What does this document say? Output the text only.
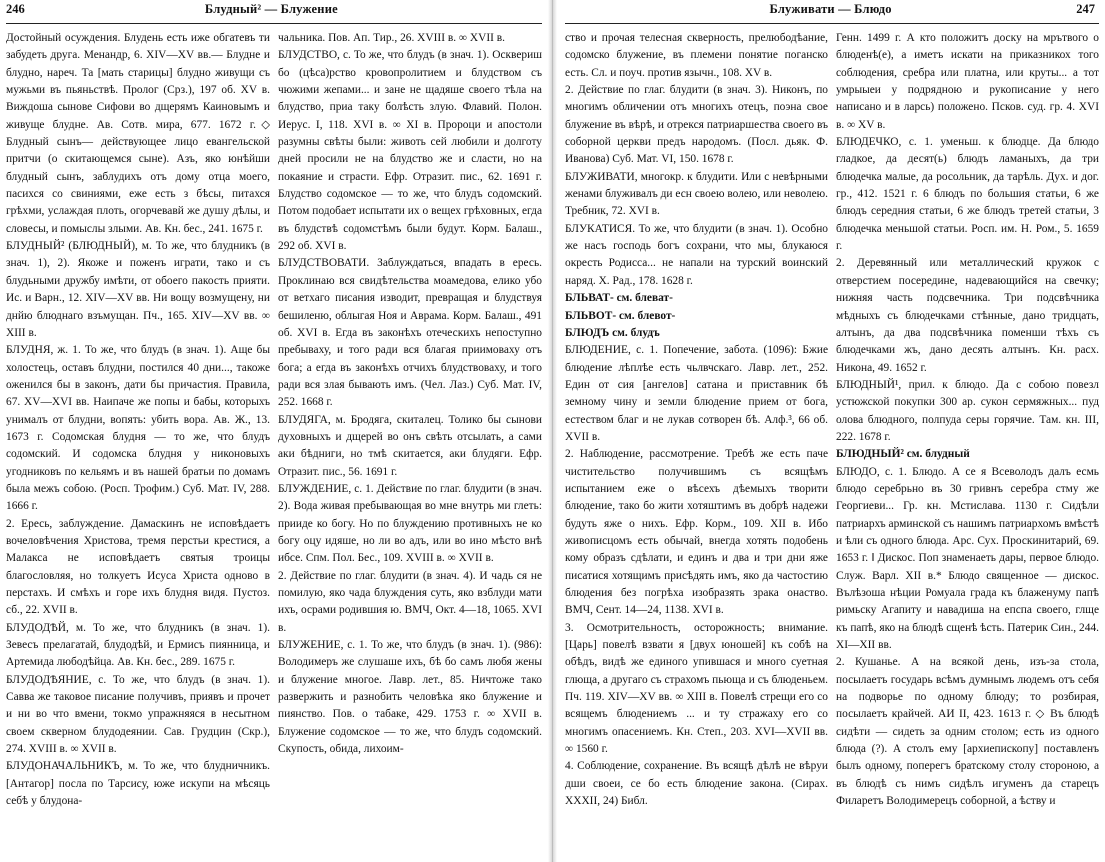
246	Блудный² — Блужение

Достойный осуждения. Блудень есть иже обгатевъ ти забудеть друга. Менандр, 6. XIV—XV вв.— Блудне и блудно, нареч. Та [мать старицы] блудно живущи съ мужьми въ пьяньствѣ. Пролог (Срз.), 197 об. XV в. Виждоша сынове Сифови во дщерямъ Каиновымъ и живуще блудне. Ав. Сотв. мира, 677. 1672 г.◇ Блудный сынъ— действующее лицо евангельской притчи (о скитающемся сыне). Азъ, яко юнѣйши блудный сынъ, заблудихъ отъ дому отца моего, пасихся со свиниями, еже есть з бѣсы, питахся грѣхми, услаждая плоть, огорчевавй же душу дѣлы, и словесы, и помыслы злыми. Ав. Кн. бес., 241. 1675 г.

БЛУДНЫЙ² (БЛЮДНЫЙ), м. То же, что блудникъ (в знач. 1), 2). Якоже и поженъ играти, тако и съ блудьными дружбу имѣти, от обоего пакость прияти. Ис. и Варн., 12. XIV—XV вв. Ни вощу возмущену, ни днйю блюднаго взъмущан. Пч., 165. XIV—XV вв. ∞ XIII в.

БЛУДНЯ, ж. 1. То же, что блудъ (в знач. 1). Аще бы холостець, оставъ блудни, постился 40 дни..., такоже оженился бы в законъ, дати бы причастия. Правила, 67. XV—XVI вв. Наипаче же попы и бабы, которыхъ унималъ от блудни, вопять: убить вора. Ав. Ж., 13. 1673 г. Содомская блудня — то же, что блудъ содомский. И содомска блудня у никоновыхъ угодниковъ по кельямъ и въ нашей братьи по домамъ была межъ собою. (Росп. Трофим.) Суб. Мат. IV, 288. 1666 г.

2. Ересь, заблуждение. Дамаскинъ не исповѣдаетъ вочеловѣчения Христова, тремя перстьи крестися, а Малакса не исповѣдаетъ святыя троицы благословляя, но толкуетъ Исуса Христа одново в перстахъ. И смѣхъ и горе ихъ блудня видя. Пустоз. сб., 22. XVII в.

БЛУДОДѢЙ, м. То же, что блудникъ (в знач. 1). Зевесъ прелагатай, блудодѣй, и Ермисъ пиянница, и Артемида любодѣйца. Ав. Кн. бес., 289. 1675 г.

БЛУДОДѢЯНИЕ, с. То же, что блудъ (в знач. 1). Савва же таковое писание получивъ, приявъ и прочет и ни во что вмени, токмо упражняяся в несытном своем скверном блудодеянии. Сав. Грудцин (Скр.), 274. XVIII в. ∞ XVII в.

БЛУДОНАЧАЛЬНИКЪ, м. То же, что блудничникъ. [Антагор] посла по Тарсису, юже искупи на мѣсяць себѣ у блудона-

чальника. Пов. Ап. Тир., 26. XVIII в. ∞ XVII в.

БЛУДСТВО, с. То же, что блудъ (в знач. 1). Осквериш бо (цѣса)рство кровопролитием и блудством съ чюжими жепами... и зане не щадяше своего тѣла на блудство, приа таку болѣсть злую. Флавий. Полон. Иерус. I, 118. XVI в. ∞ XI в. Пророци и апостоли разумны свѣты были: животь сей любили и долготу дней просили не на блудство же и сласти, но на покаяние и страсти. Ефр. Отразит. пис., 62. 1691 г. Блудство содомское — то же, что блудъ содомский. Потом подобает испытати их о вещех грѣховных, егда въ блудствѣ содомстѣмъ были будут. Корм. Балаш., 292 об. XVI в.

БЛУДСТВОВАТИ. Заблуждаться, впадать в ересь. Проклинаю вся свидѣтельства моамедова, елико убо от ветхаго писания изводит, превращая и блудствуя бешиленю, облыгая Ноя и Аврама. Корм. Балаш., 491 об. XVI в. Егда въ законѣхъ отеческихъ непоступно пребываху, и того ради вся благая приимоваху отъ бога; а егда въ законѣхъ отчихъ блудствоваху, и того ради вся злая бывають имъ. (Чел. Лаз.) Суб. Мат. IV, 252. 1668 г.

БЛУДЯГА, м. Бродяга, скиталец. Толико бы сынови духовныхъ и дщерей во онъ свѣть отсылать, а сами аки бѣдниги, но тмѣ скитается, аки блудяги. Ефр. Отразит. пис., 56. 1691 г.

БЛУЖДЕНИЕ, с. 1. Действие по глаг. блудити (в знач. 2). Вода живая пребывающая во мне внутрь ми глеть: прииде ко богу. Но по блуждению противныхъ не ко богу оцу идяше, но ли во адъ, или во ино мѣсто внѣ ибсе. Спм. Пол. Бес., 109. XVIII в. ∞ XVII в.

2. Действие по глаг. блудити (в знач. 4). И чадь ся не помилую, яко чада блуждения суть, яко взблуди мати ихъ, осрами родившия ю. ВМЧ, Окт. 4—18, 1065. XVI в.

БЛУЖЕНИЕ, с. 1. То же, что блудъ (в знач. 1). (986): Володимеръ же слушаше ихъ, бѣ бо самъ любя жены и блужение многое. Лавр. лет., 85. Ничтоже тако развержить и разнобить человѣка яко блужение и пиянство. Пов. о табаке, 429. 1753 г. ∞ XVII в. Блужение содомское — то же, что блудъ содомский. Скупость, обида, лихоим-

Блуживати — Блюдо	247

ство и прочая телесная скверность, прелюбодѣание, содомско блужение, въ племени понятие поганско есть. Сл. и поуч. против язычн., 108. XV в.

2. Действие по глаг. блудити (в знач. 3). Никонъ, по многимъ обличении отъ многихъ отецъ, поэна свое блужение въ вѣрѣ, и отрекся патриаршества своего въ соборной церкви предъ народомъ. (Посл. дьяк. Ф. Иванова) Суб. Мат. VI, 150. 1678 г.

БЛУЖИВАТИ, многокр. к блудити. Или с невѣрными женами блуживалъ ди есн своею волею, или неволею. Требник, 72. XVI в.

БЛУКАТИСЯ. То же, что блудити (в знач. 1). Особно же насъ господь богъ сохрани, что мы, блукаюся окресть Родисса... не напали на турский воинский наряд. Х. Рад., 178. 1628 г.

БЛЬВАТ- см. блеват-

БЛЬВОТ- см. блевот-

БЛЮДЪ см. блудъ

БЛЮДЕНИЕ, с. 1. Попечение, забота. (1096): Бжие блюдение лѣплѣе есть чьлвчскаго. Лавр. лет., 252. Един от сия [ангелов] сатана и приставник бѣ земному чину и земли блюдение прием от бога, естеством благ и не лукав сотворен бѣ. Алф.³, 66 об. XVII в.

2. Наблюдение, рассмотрение. Требѣ же есть паче чистительство получившимъ съ всящѣмъ испытанием еже о вѣсехъ дѣемыхъ творити блюдение, тако бо жити хотяштимъ въ добрѣ надежи будуть яже о нихъ. Ефр. Корм., 109. XII в. Ибо живописцомъ есть обычай, внегда хотять подобень кому образъ сдѣлати, и единъ и два и три дни яже писатися хотящимъ присѣдять имъ, яко да частостию блюдения без погрѣха изобразять зрака онаство. ВМЧ, Сент. 14—24, 1138. XVI в.

3. Осмотрительность, осторожность; внимание. [Царь] повелѣ взвати я [двух юношей] къ собѣ на обѣдъ, видѣ же единого упившася и много суетная глюща, а другаго съ страхомъ пьюща и съ блюденьем. Пч. 119. XIV—XV вв. ∞ XIII в. Повелѣ стрещи его со всящемъ блюдениемъ ... и ту стражаху его со многимъ опасениемъ. Кн. Степ., 203. XVI—XVII вв. ∞ 1560 г.

4. Соблюдение, сохранение. Въ всящѣ дѣлѣ не вѣруи дши своеи, се бо есть блюдение закона. (Сирах. XXXII, 24) Библ.

Генн. 1499 г. А кто положитъ доску на мрътвого о блюденѣ(е), а иметъ искати на приказникох того соблюдения, сребра или платна, или круты... а тот умрыыеи у подрядною и рукописание у него написано и в ларсь) положено. Псков. суд. гр. 4. XVI в. ∞ XV в.

БЛЮДЕЧКО, с. 1. уменьш. к блюдце. Да блюдо гладкое, да десят(ь) блюдъ ламаныхъ, да три блюдечка малые, да росольник, да тарѣль. Дух. и дог. гр., 412. 1521 г. 6 блюдъ по большия статьи, 6 же блюдъ середния статьи, 6 же блюдъ третей статьи, 3 блюдечка меньшой статьи. Росп. им. Н. Ром., 5. 1659 г.

2. Деревянный или металлический кружок с отверстием посередине, надевающийся на свечку; нижняя часть подсвечника. Три подсвѣчника мѣдныхъ съ блюдечками стѣнные, дано тридцать, алтынъ, да два подсвѣчника поменши тѣхъ съ блюдечками жъ, дано десять алтынъ. Кн. расх. Никона, 49. 1652 г.

БЛЮДНЫЙ¹, прил. к блюдо. Да с собою повезл устюжской покупки 300 ар. сукон сермяжных... пуд олова блюдного, полпуда серы горячие. Там. кн. III, 222. 1678 г.

БЛЮДНЫЙ² см. блудный

БЛЮДО, с. 1. Блюдо. А се я Всеволодъ далъ есмь блюдо серебрьно въ 30 гривнъ серебра стму же Георгиеви... Гр. кн. Мстислава. 1130 г. Сидѣли патриархъ арминской съ нашимъ патриархомъ вмѣстѣ и ѣли съ одного блюда. Арс. Сух. Проскинитарий, 69. 1653 г. ‖ Дискос. Поп знаменаеть дары, первое блюдо. Служ. Варл. XII в.* Блюдо священное — дискос. Вълѣзоша нѣции Ромуала града къ блаженуму папѣ римьску Агапиту и навадиша на епспа своего, глще къ папѣ, яко на блюдѣ сщенѣ ѣсть. Патерик Син., 244. XI—XII вв.

2. Кушанье. А на всякой день, изъ-за стола, посылаетъ государь всѣмъ думнымъ людемъ отъ себя на подворье по одному блюду; то розбирая, посылаетъ крайчей. АИ II, 423. 1613 г. ◇ Въ блюдѣ сидѣти — сидеть за одним столом; есть из одного блюда (?). А столъ ему [архиепископу] поставленъ былъ одному, поперегъ братскому столу стороною, а въ блюдѣ съ нимъ сидѣлъ игуменъ да старецъ Филаретъ Володимерецъ соборной, а ѣству и
